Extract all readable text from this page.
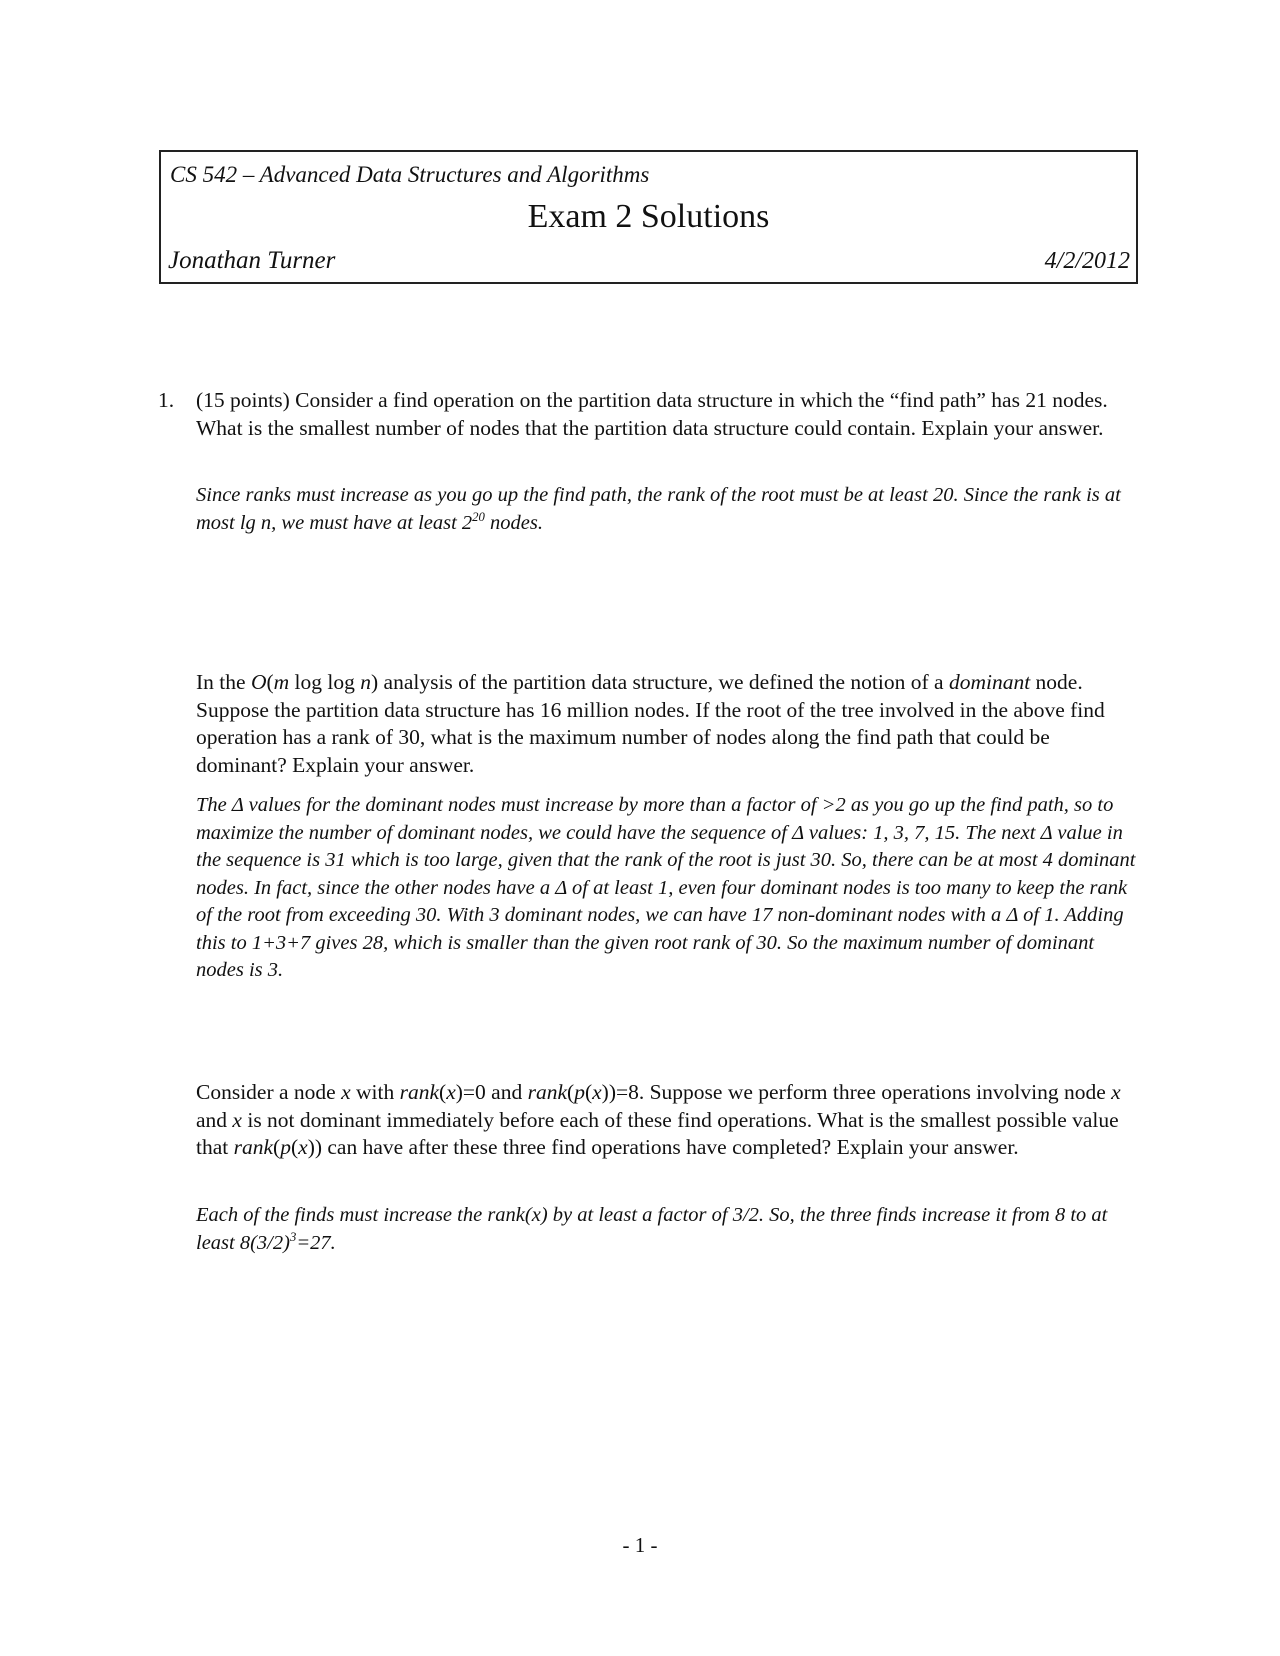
CS 542 – Advanced Data Structures and Algorithms
Exam 2 Solutions
Jonathan Turner	4/2/2012
1. (15 points) Consider a find operation on the partition data structure in which the “find path” has 21 nodes. What is the smallest number of nodes that the partition data structure could contain. Explain your answer.

Since ranks must increase as you go up the find path, the rank of the root must be at least 20. Since the rank is at most lg n, we must have at least $2^{20}$ nodes.

In the O(m log log n) analysis of the partition data structure, we defined the notion of a dominant node. Suppose the partition data structure has 16 million nodes. If the root of the tree involved in the above find operation has a rank of 30, what is the maximum number of nodes along the find path that could be dominant? Explain your answer.

The Δ values for the dominant nodes must increase by more than a factor of >2 as you go up the find path, so to maximize the number of dominant nodes, we could have the sequence of Δ values: 1, 3, 7, 15. The next Δ value in the sequence is 31 which is too large, given that the rank of the root is just 30. So, there can be at most 4 dominant nodes. In fact, since the other nodes have a Δ of at least 1, even four dominant nodes is too many to keep the rank of the root from exceeding 30. With 3 dominant nodes, we can have 17 non-dominant nodes with a Δ of 1. Adding this to 1+3+7 gives 28, which is smaller than the given root rank of 30. So the maximum number of dominant nodes is 3.

Consider a node x with rank(x)=0 and rank(p(x))=8. Suppose we perform three operations involving node x and x is not dominant immediately before each of these find operations. What is the smallest possible value that rank(p(x)) can have after these three find operations have completed? Explain your answer.

Each of the finds must increase the rank(x) by at least a factor of 3/2. So, the three finds increase it from 8 to at least $8(3/2)^3=27$.

- 1 -
